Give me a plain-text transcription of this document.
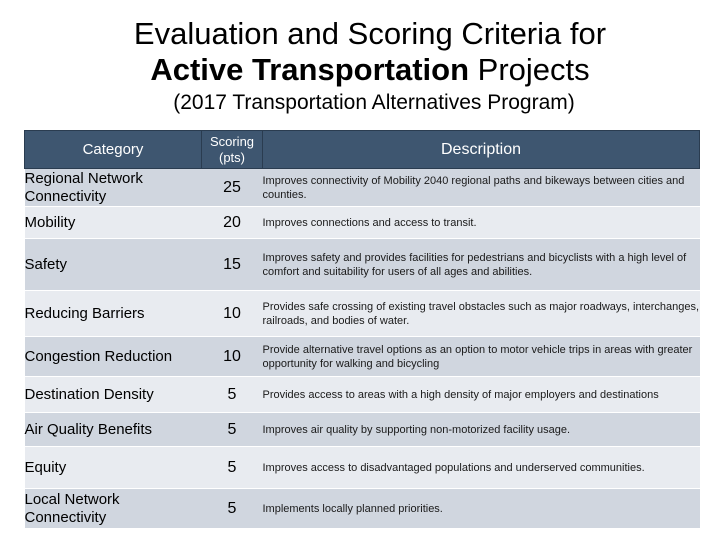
Evaluation and Scoring Criteria for
Active Transportation Projects
(2017 Transportation Alternatives Program)
Category	Scoring (pts)	Description
Regional Network Connectivity	25	Improves connectivity of Mobility 2040 regional paths and bikeways between cities and counties.
Mobility	20	Improves connections and access to transit.
Safety	15	Improves safety and provides facilities for pedestrians and bicyclists with a high level of comfort and suitability for users of all ages and abilities.
Reducing Barriers	10	Provides safe crossing of existing travel obstacles such as major roadways, interchanges, railroads, and bodies of water.
Congestion Reduction	10	Provide alternative travel options as an option to motor vehicle trips in areas with greater opportunity for walking and bicycling
Destination Density	5	Provides access to areas with a high density of major employers and destinations
Air Quality Benefits	5	Improves air quality by supporting non-motorized facility usage.
Equity	5	Improves access to disadvantaged populations and underserved communities.
Local Network Connectivity	5	Implements locally planned priorities.
